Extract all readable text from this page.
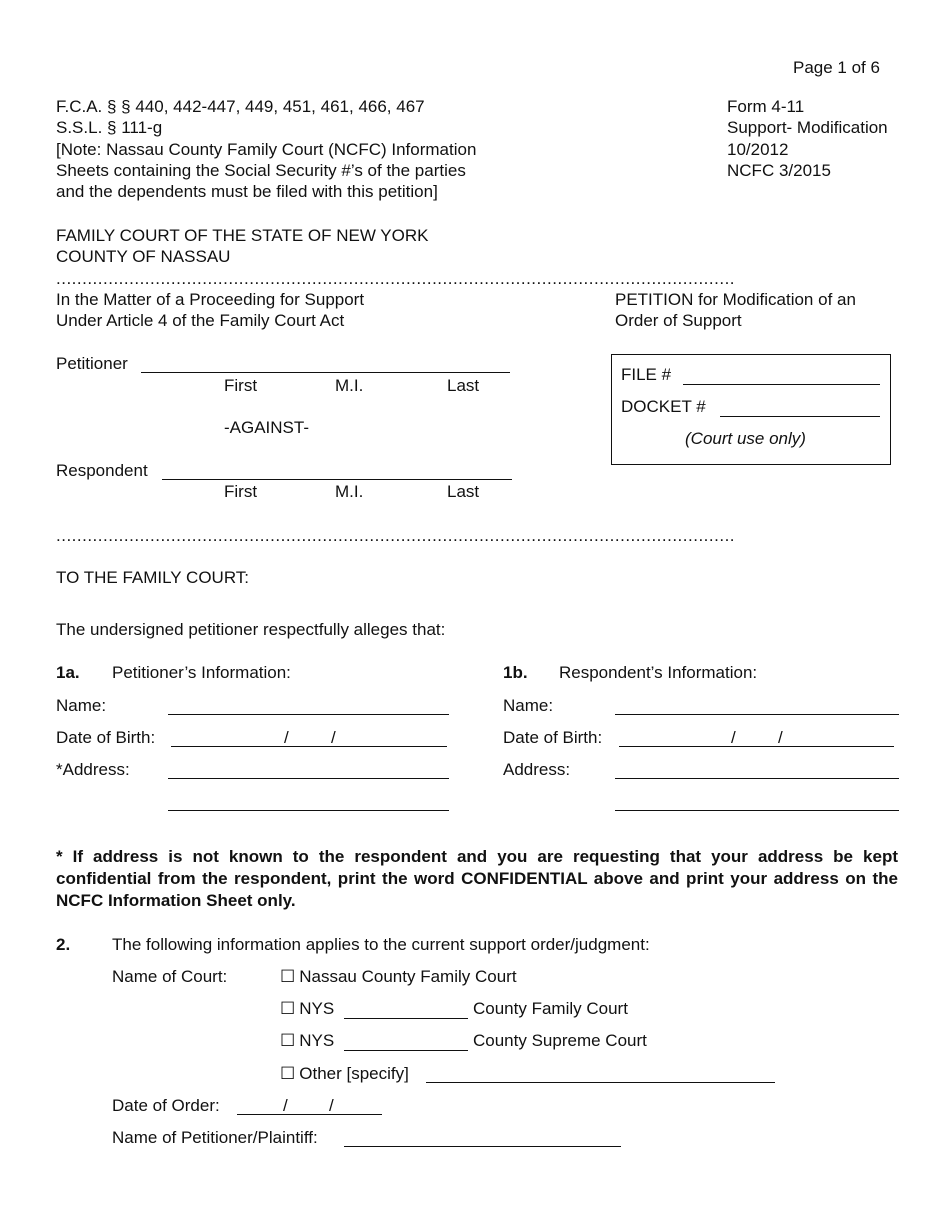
Page 1 of 6
F.C.A. § § 440, 442-447, 449, 451, 461, 466, 467
S.S.L. § 111-g
[Note: Nassau County Family Court (NCFC) Information
Sheets containing the Social Security #’s of the parties
and the dependents must be filed with this petition]
Form 4-11
Support- Modification
10/2012
NCFC 3/2015
FAMILY COURT OF THE STATE OF NEW YORK
COUNTY OF NASSAU
..................................................................................................................................
In the Matter of a Proceeding for Support
Under Article 4 of the Family Court Act
PETITION for Modification of an
Order of Support
Petitioner
First	M.I.	Last
-AGAINST-
Respondent
First	M.I.	Last
FILE #
DOCKET #
(Court use only)
..................................................................................................................................
TO THE FAMILY COURT:
The undersigned petitioner respectfully alleges that:
1a. Petitioner’s Information:
Name:
Date of Birth:	/ /
*Address:
1b. Respondent’s Information:
Name:
Date of Birth:	/ /
Address:
* If address is not known to the respondent and you are requesting that your address be kept confidential from the respondent, print the word CONFIDENTIAL above and print your address on the NCFC Information Sheet only.
2. The following information applies to the current support order/judgment:
Name of Court:	☐ Nassau County Family Court
☐ NYS	County Family Court
☐ NYS	County Supreme Court
☐ Other [specify]
Date of Order:	/ /
Name of Petitioner/Plaintiff:
